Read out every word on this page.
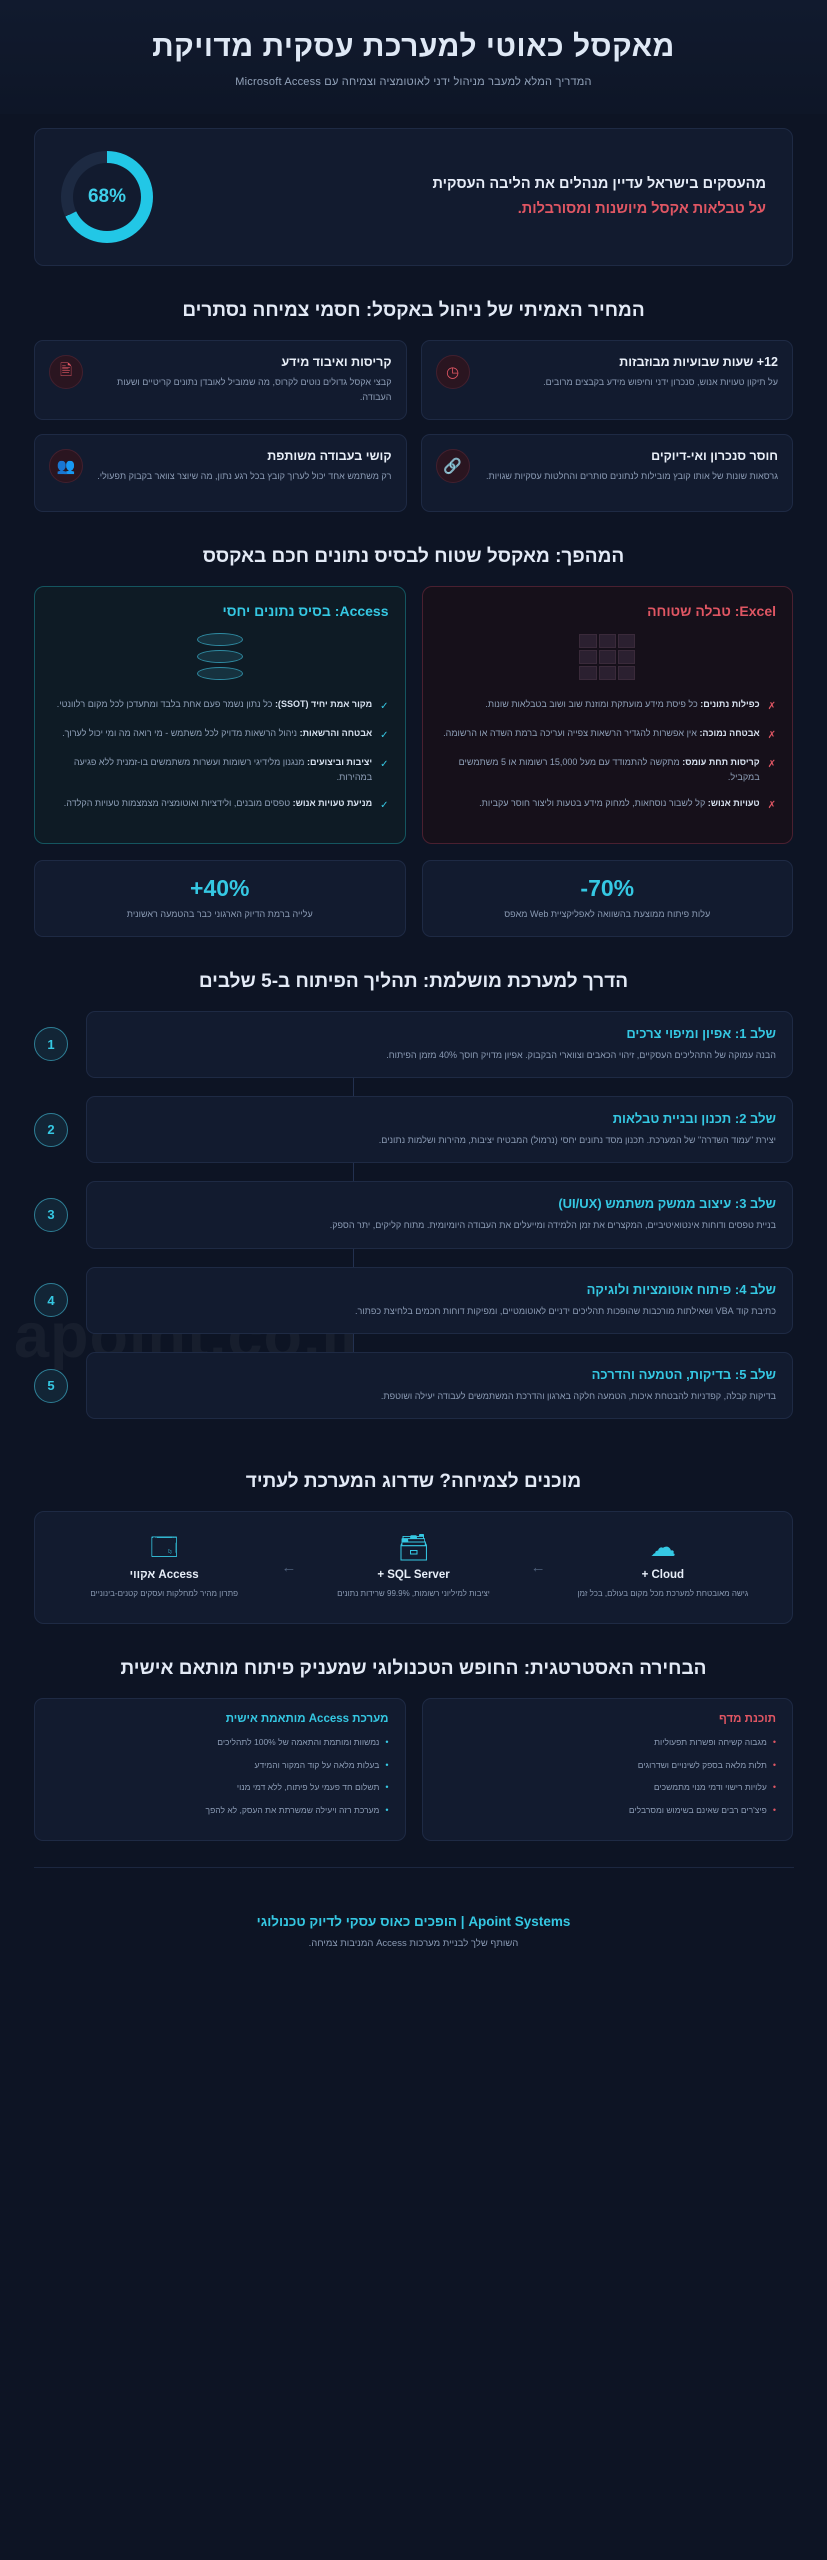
מאקסל כאוטי למערכת עסקית מדויקת
המדריך המלא למעבר מניהול ידני לאוטומציה וצמיחה עם Microsoft Access
מהעסקים בישראל עדיין מנהלים את הליבה העסקית
על טבלאות אקסל מיושנות ומסורבלות.
68%
המחיר האמיתי של ניהול באקסל: חסמי צמיחה נסתרים
12+ שעות שבועיות מבוזבזות

על תיקון טעויות אנוש, סנכרון ידני וחיפוש מידע בקבצים מרובים.

◷
קריסות ואיבוד מידע

קבצי אקסל גדולים נוטים לקרוס, מה שמוביל לאובדן נתונים קריטיים ושעות העבודה.

🖹
חוסר סנכרון ואי-דיוקים

גרסאות שונות של אותו קובץ מובילות לנתונים סותרים והחלטות עסקיות שגויות.

🔗
קושי בעבודה משותפת

רק משתמש אחד יכול לערוך קובץ בכל רגע נתון, מה שיוצר צוואר בקבוק תפעולי.

👥
המהפך: מאקסל שטוח לבסיס נתונים חכם באקסס
Excel: טבלה שטוחה
✗
כפילות נתונים: כל פיסת מידע מועתקת ומוזנת שוב ושוב בטבלאות שונות.
✗
אבטחה נמוכה: אין אפשרות להגדיר הרשאות צפייה ועריכה ברמת השדה או הרשומה.
✗
קריסות תחת עומס: מתקשה להתמודד עם מעל 15,000 רשומות או 5 משתמשים במקביל.
✗
טעויות אנוש: קל לשבור נוסחאות, למחוק מידע בטעות וליצור חוסר עקביות.
Access: בסיס נתונים יחסי
✓
מקור אמת יחיד (SSOT): כל נתון נשמר פעם אחת בלבד ומתעדכן לכל מקום רלוונטי.
✓
אבטחה והרשאות: ניהול הרשאות מדויק לכל משתמש - מי רואה מה ומי יכול לערוך.
✓
יציבות וביצועים: מנגנון מלידיגי רשומות ועשרות משתמשים בו-זמנית ללא פגיעה במהירות.
✓
מניעת טעויות אנוש: טפסים מובנים, ולידציות ואוטומציה מצמצמות טעויות הקלדה.
70%-
עלות פיתוח ממוצעת בהשוואה לאפליקציית Web מאפס
40%+
עלייה ברמת הדיוק הארגוני כבר בהטמעה ראשונית
הדרך למערכת מושלמת: תהליך הפיתוח ב-5 שלבים
שלב 1: אפיון ומיפוי צרכים

הבנה עמוקה של התהליכים העסקיים, זיהוי הכאבים וצווארי הבקבוק. אפיון מדויק חוסך 40% מזמן הפיתוח.

1
שלב 2: תכנון ובניית טבלאות

יצירת "עמוד השדרה" של המערכת. תכנון מסד נתונים יחסי (נרמול) המבטיח יציבות, מהירות ושלמות נתונים.

2
שלב 3: עיצוב ממשק משתמש (UI/UX)

בניית טפסים ודוחות אינטואיטיביים, המקצרים את זמן הלמידה ומייעלים את העבודה היומיומית. מתוח קליקים, יתר הספק.

3
שלב 4: פיתוח אוטומציות ולוגיקה

כתיבת קוד VBA ושאילתות מורכבות שהופכות תהליכים ידניים לאוטומטיים, ומפיקות דוחות חכמים בלחיצת כפתור.

4
שלב 5: בדיקות, הטמעה והדרכה

בדיקות קבלה, קפדניות להבטחת איכות, הטמעה חלקה בארגון והדרכת המשתמשים לעבודה יעילה ושוטפת.

5
מוכנים לצמיחה? שדרוג המערכת לעתיד
☁
Cloud +

גישה מאובטחת למערכת מכל מקום בעולם, בכל זמן

←
🗃
SQL Server +

יציבות למיליוני רשומות, 99.9% שרידות נתונים

←
🗔
Access אקווי

פתרון מהיר למחלקות ועסקים קטנים-בינוניים

הבחירה האסטרטגית: החופש הטכנולוגי שמעניק פיתוח מותאם אישית
תוכנת מדף
•
מגבוה קשיחה ופשרות תפעוליות
•
תלות מלאה בספק לשינויים ושדרוגים
•
עלויות רישוי ודמי מנוי מתמשכים
•
פיצ'רים רבים שאינם בשימוש ומסרבלים
מערכת Access מותאמת אישית
•
נמשוות ומותמת והתאמה של 100% לתהליכים
•
בעלות מלאה על קוד המקור והמידע
•
תשלום חד פעמי על פיתוח, ללא דמי מנוי
•
מערכת רזה ויעילה שמשרתת את העסק, לא להפך
Apoint Systems | הופכים כאוס עסקי לדיוק טכנולוגי
השותף שלך לבניית מערכות Access המניבות צמיחה.
